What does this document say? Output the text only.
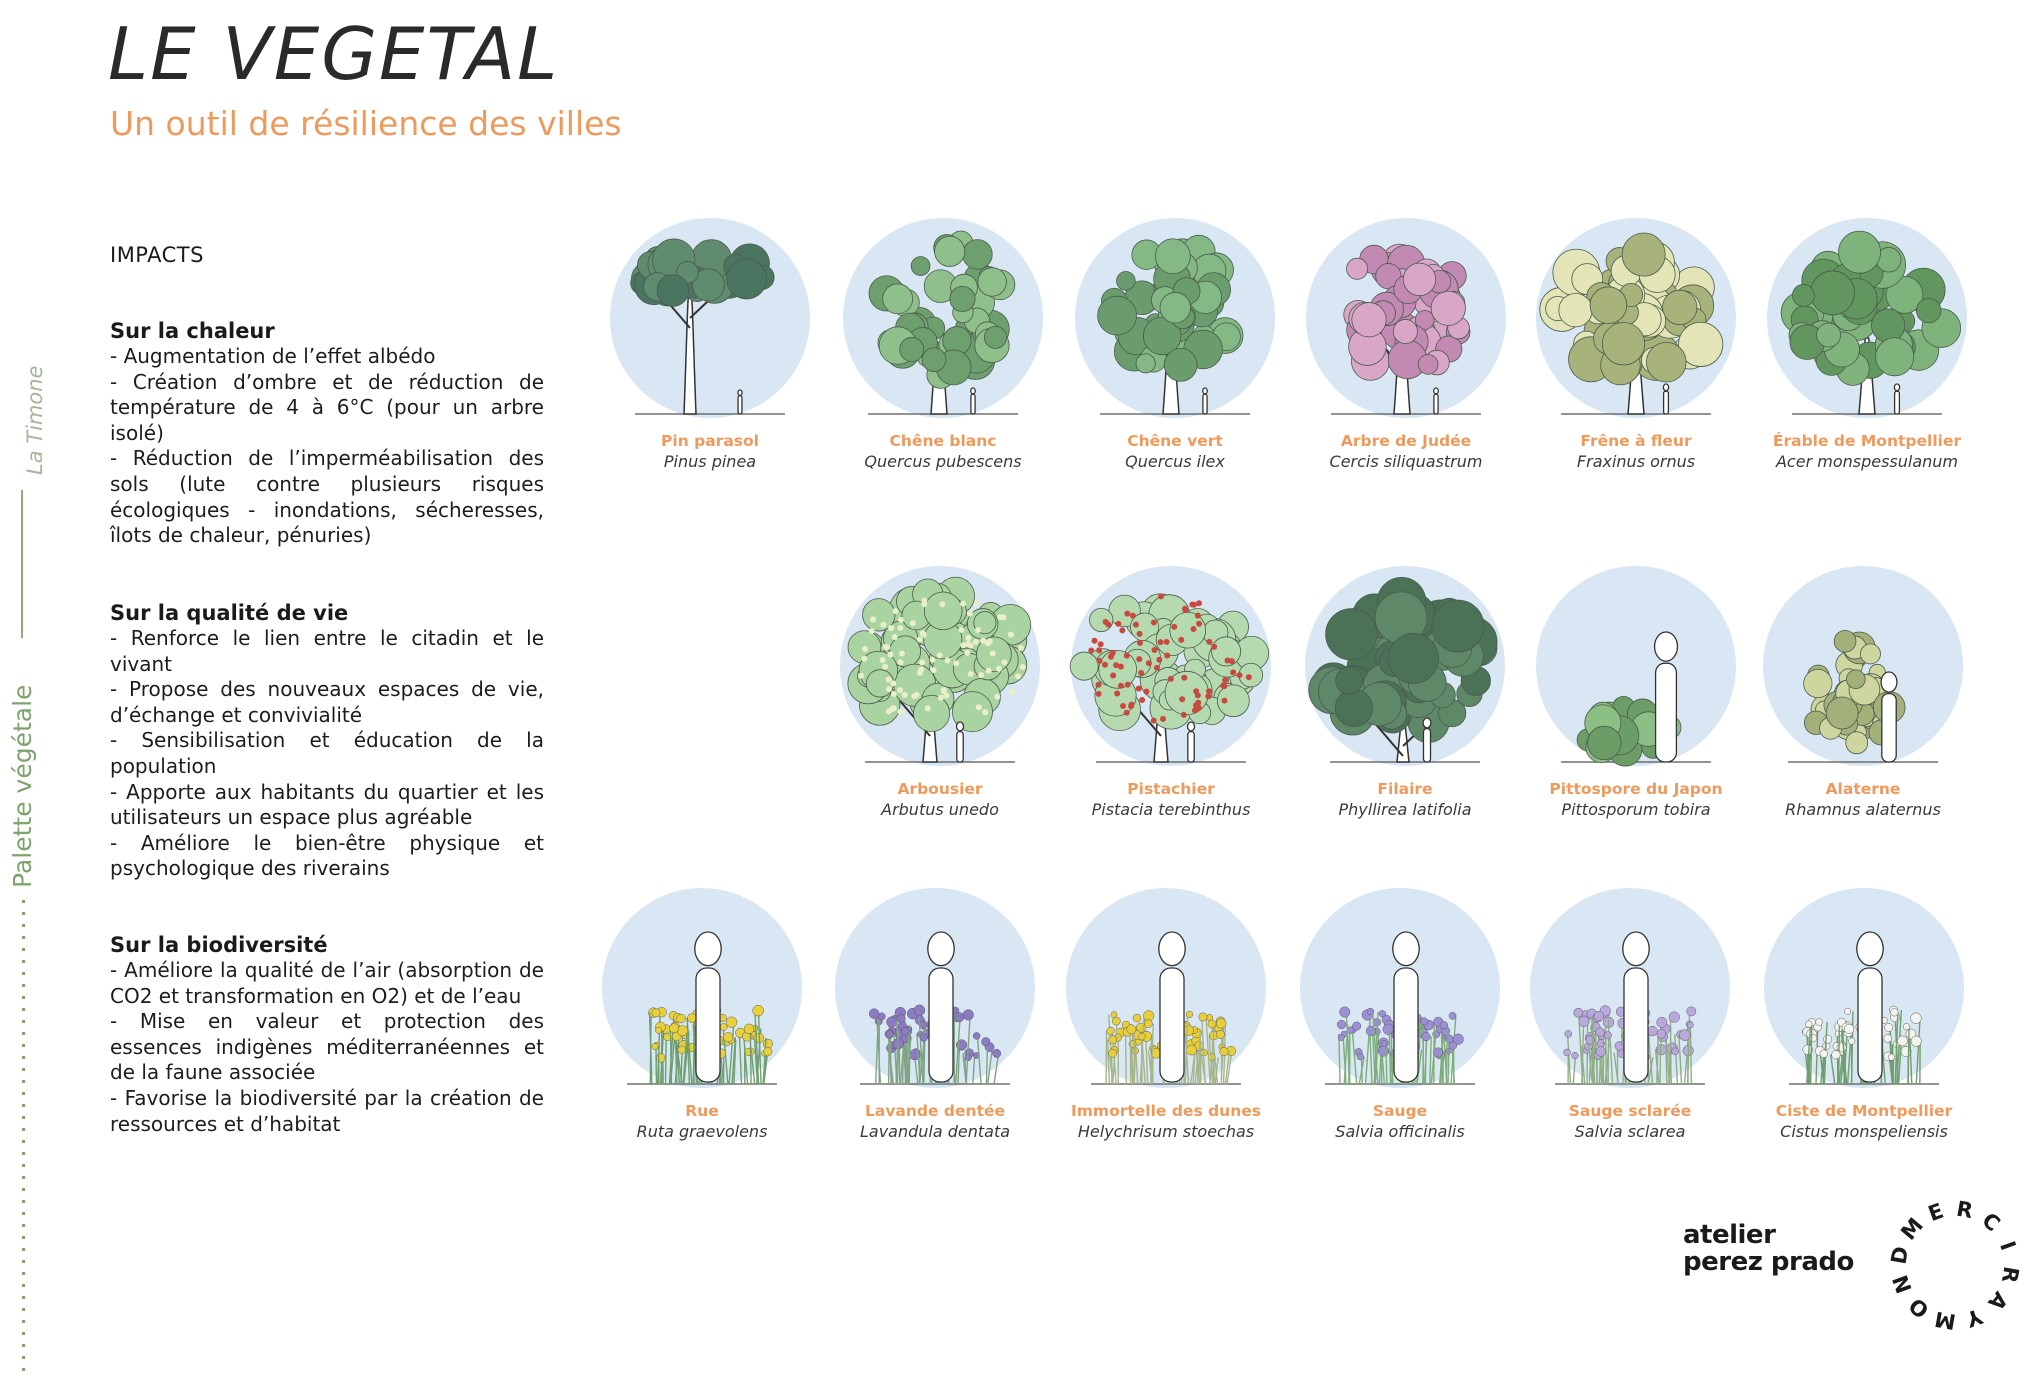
LE VEGETAL
Un outil de résilience des villes
La Timone
Palette végétale
IMPACTS
Sur la chaleur

- Augmentation de l’effet albédo

- Création d’ombre et de réduction de température de 4 à 6°C (pour un arbre isolé)

- Réduction de l’imperméabilisation des sols (lute contre plusieurs risques écologiques - inondations, sécheresses, îlots de chaleur, pénuries)

Sur la qualité de vie

- Renforce le lien entre le citadin et le vivant

- Propose des nouveaux espaces de vie, d’échange et convivialité

- Sensibilisation et éducation de la population

- Apporte aux habitants du quartier et les utilisateurs un espace plus agréable

- Améliore le bien-être physique et psychologique des riverains

Sur la biodiversité

- Améliore la qualité de l’air (absorption de CO2 et transformation en O2) et de l’eau

- Mise en valeur et protection des essences indigènes méditerranéennes et de la faune associée

- Favorise la biodiversité par la création de ressources et d’habitat

Pin parasol
Pinus pinea
Chêne blanc
Quercus pubescens
Chêne vert
Quercus ilex
Arbre de Judée
Cercis siliquastrum
Frêne à fleur
Fraxinus ornus
Érable de Montpellier
Acer monspessulanum
Arbousier
Arbutus unedo
Pistachier
Pistacia terebinthus
Filaire
Phyllirea latifolia
Pittospore du Japon
Pittosporum tobira
Alaterne
Rhamnus alaternus
Rue
Ruta graevolens
Lavande dentée
Lavandula dentata
Immortelle des dunes
Helychrisum stoechas
Sauge
Salvia officinalis
Sauge sclarée
Salvia sclarea
Ciste de Montpellier
Cistus monspeliensis
atelier
perez prado
M
E R C
I
R
A
Y
M
O
N
D
